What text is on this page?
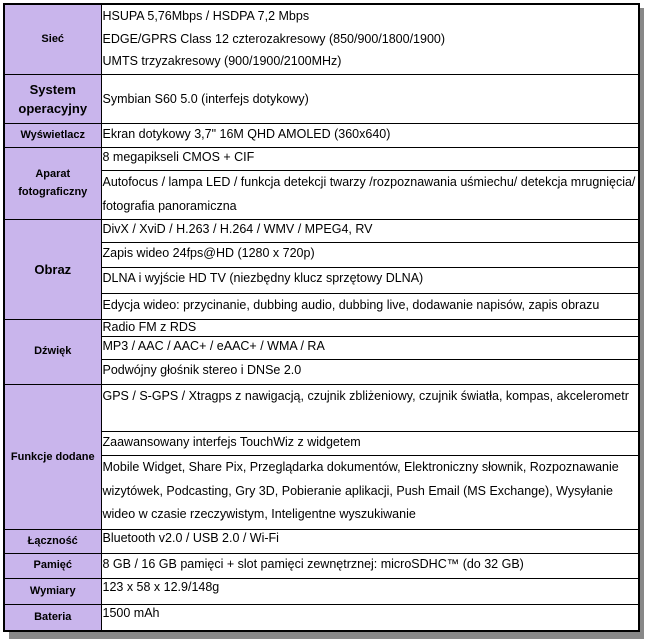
Sieć	HSUPA 5,76Mbps / HSDPA 7,2 Mbps
EDGE/GPRS Class 12 czterozakresowy (850/900/1800/1900)
UMTS trzyzakresowy (900/1900/2100MHz)

System operacyjny	Symbian S60 5.0 (interfejs dotykowy)

Wyświetlacz	Ekran dotykowy 3,7" 16M QHD AMOLED (360x640)

Aparat fotograficzny	8 megapikseli CMOS + CIF

	Autofocus / lampa LED / funkcja detekcji twarzy /rozpoznawania uśmiechu/ detekcja mrugnięcia/ fotografia panoramiczna

Obraz	DivX / XviD / H.263 / H.264 / WMV / MPEG4, RV

	Zapis wideo 24fps@HD (1280 x 720p)

	DLNA i wyjście HD TV (niezbędny klucz sprzętowy DLNA)

	Edycja wideo: przycinanie, dubbing audio, dubbing live, dodawanie napisów, zapis obrazu

Dźwięk	Radio FM z RDS

	MP3 / AAC / AAC+ / eAAC+ / WMA / RA

	Podwójny głośnik stereo i DNSe 2.0

Funkcje dodane	GPS / S-GPS / Xtragps z nawigacją, czujnik zbliżeniowy, czujnik światła, kompas, akcelerometr

	Zaawansowany interfejs TouchWiz z widgetem

	Mobile Widget, Share Pix, Przeglądarka dokumentów, Elektroniczny słownik, Rozpoznawanie wizytówek, Podcasting, Gry 3D, Pobieranie aplikacji, Push Email (MS Exchange), Wysyłanie wideo w czasie rzeczywistym, Inteligentne wyszukiwanie

Łączność	Bluetooth v2.0 / USB 2.0 / Wi-Fi

Pamięć	8 GB / 16 GB pamięci + slot pamięci zewnętrznej: microSDHC™ (do 32 GB)

Wymiary	123 x 58 x 12.9/148g

Bateria	1500 mAh
